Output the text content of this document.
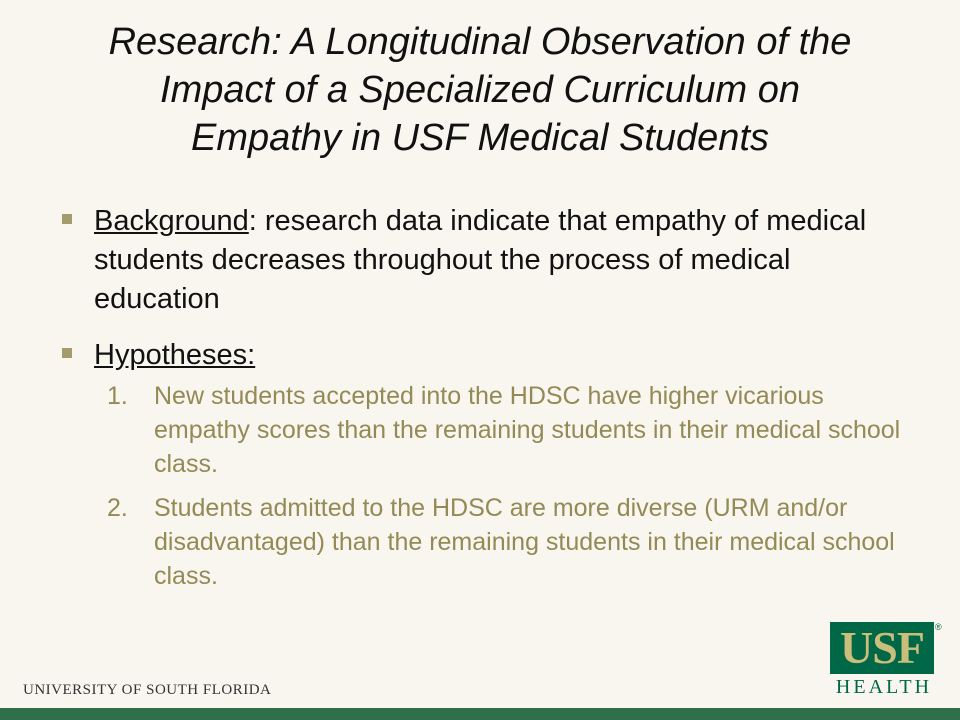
Research: A Longitudinal Observation of the
Impact of a Specialized Curriculum on
Empathy in USF Medical Students
Background: research data indicate that empathy of medical students decreases throughout the process of medical education
Hypotheses:
1. New students accepted into the HDSC have higher vicarious empathy scores than the remaining students in their medical school class.
2. Students admitted to the HDSC are more diverse (URM and/or disadvantaged) than the remaining students in their medical school class.
UNIVERSITY OF SOUTH FLORIDA
USF	®
HEALTH
